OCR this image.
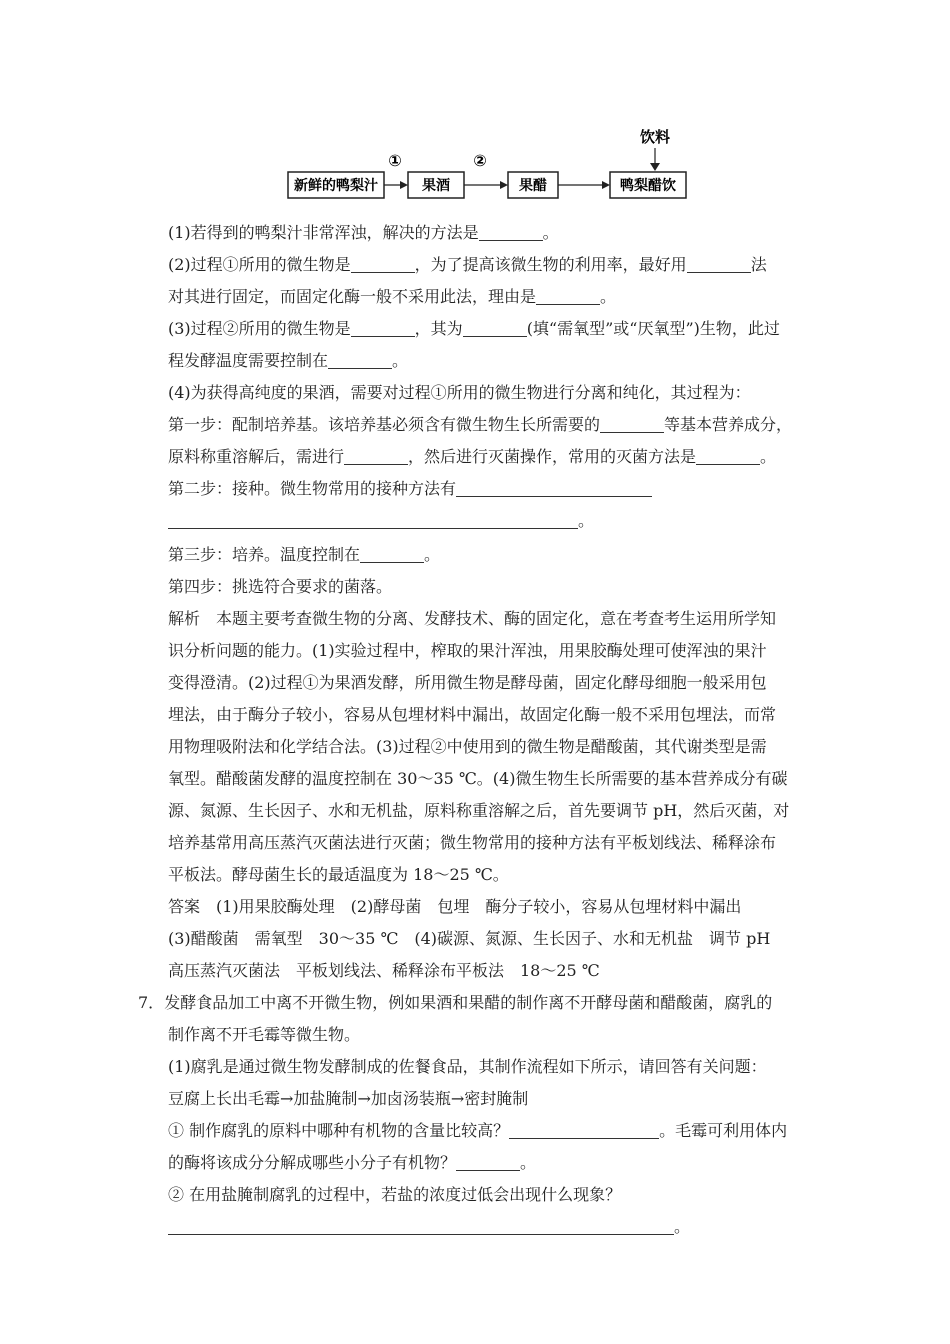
饮料
新鲜的鸭梨汁	果酒	果醋	鸭梨醋饮
①	②
(1)若得到的鸭梨汁非常浑浊，解决的方法是	。
(2)过程①所用的微生物是	，为了提高该微生物的利用率，最好用	法
对其进行固定，而固定化酶一般不采用此法，理由是	。
(3)过程②所用的微生物是	，其为	(填“需氧型”或“厌氧型”)生物，此过
程发酵温度需要控制在	。
(4)为获得高纯度的果酒，需要对过程①所用的微生物进行分离和纯化，其过程为：
第一步：配制培养基。该培养基必须含有微生物生长所需要的	等基本营养成分，
原料称重溶解后，需进行	，然后进行灭菌操作，常用的灭菌方法是	。
第二步：接种。微生物常用的接种方法有
。
第三步：培养。温度控制在	。
第四步：挑选符合要求的菌落。
解析　本题主要考查微生物的分离、发酵技术、酶的固定化，意在考查考生运用所学知
识分析问题的能力。(1)实验过程中，榨取的果汁浑浊，用果胶酶处理可使浑浊的果汁
变得澄清。(2)过程①为果酒发酵，所用微生物是酵母菌，固定化酵母细胞一般采用包
埋法，由于酶分子较小，容易从包埋材料中漏出，故固定化酶一般不采用包埋法，而常
用物理吸附法和化学结合法。(3)过程②中使用到的微生物是醋酸菌，其代谢类型是需
氧型。醋酸菌发酵的温度控制在 30～35 ℃。(4)微生物生长所需要的基本营养成分有碳
源、氮源、生长因子、水和无机盐，原料称重溶解之后，首先要调节 pH，然后灭菌，对
培养基常用高压蒸汽灭菌法进行灭菌；微生物常用的接种方法有平板划线法、稀释涂布
平板法。酵母菌生长的最适温度为 18～25 ℃。
答案　(1)用果胶酶处理　(2)酵母菌　包埋　酶分子较小，容易从包埋材料中漏出
(3)醋酸菌　需氧型　30～35 ℃　(4)碳源、氮源、生长因子、水和无机盐　调节 pH
高压蒸汽灭菌法　平板划线法、稀释涂布平板法　18～25 ℃
7．发酵食品加工中离不开微生物，例如果酒和果醋的制作离不开酵母菌和醋酸菌，腐乳的
制作离不开毛霉等微生物。
(1)腐乳是通过微生物发酵制成的佐餐食品，其制作流程如下所示，请回答有关问题：
豆腐上长出毛霉→加盐腌制→加卤汤装瓶→密封腌制
① 制作腐乳的原料中哪种有机物的含量比较高？	。毛霉可利用体内
的酶将该成分分解成哪些小分子有机物？	。
② 在用盐腌制腐乳的过程中，若盐的浓度过低会出现什么现象？
。
